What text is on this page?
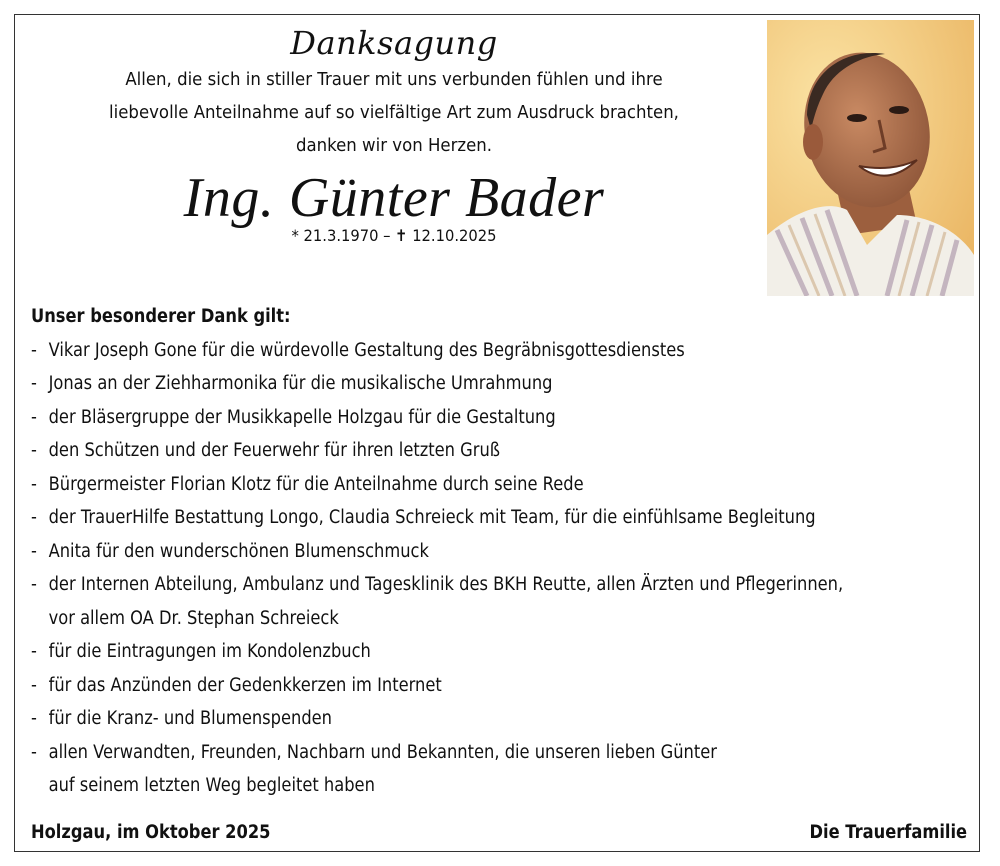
Danksagung
Allen, die sich in stiller Trauer mit uns verbunden fühlen und ihre
liebevolle Anteilnahme auf so vielfältige Art zum Ausdruck brachten,
danken wir von Herzen.
Ing. Günter Bader
* 21.3.1970 – ✝ 12.10.2025
Unser besonderer Dank gilt:
- Vikar Joseph Gone für die würdevolle Gestaltung des Begräbnisgottesdienstes
- Jonas an der Ziehharmonika für die musikalische Umrahmung
- der Bläsergruppe der Musikkapelle Holzgau für die Gestaltung
- den Schützen und der Feuerwehr für ihren letzten Gruß
- Bürgermeister Florian Klotz für die Anteilnahme durch seine Rede
- der TrauerHilfe Bestattung Longo, Claudia Schreieck mit Team, für die einfühlsame Begleitung
- Anita für den wunderschönen Blumenschmuck
- der Internen Abteilung, Ambulanz und Tagesklinik des BKH Reutte, allen Ärzten und Pflegerinnen,
vor allem OA Dr. Stephan Schreieck
- für die Eintragungen im Kondolenzbuch
- für das Anzünden der Gedenkkerzen im Internet
- für die Kranz- und Blumenspenden
- allen Verwandten, Freunden, Nachbarn und Bekannten, die unseren lieben Günter
auf seinem letzten Weg begleitet haben
Holzgau, im Oktober 2025	Die Trauerfamilie
